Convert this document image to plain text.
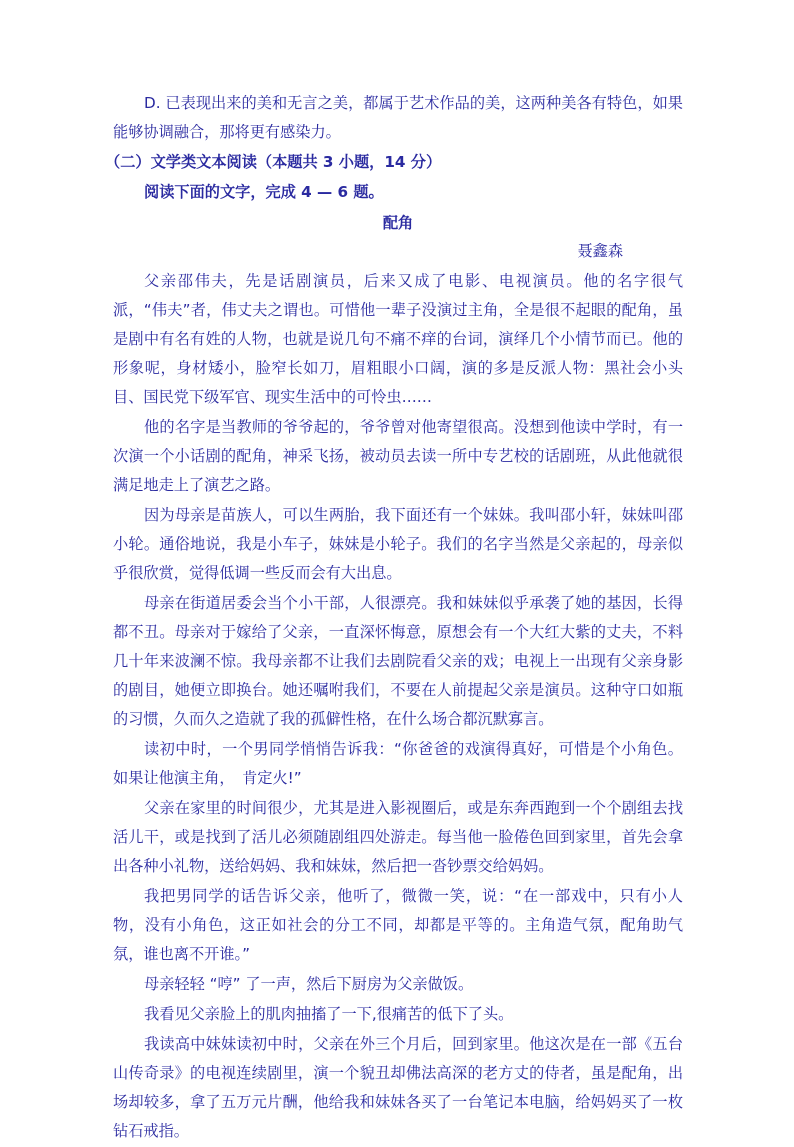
D. 已表现出来的美和无言之美，都属于艺术作品的美，这两种美各有特色，如果能够协调融合，那将更有感染力。

（二）文学类文本阅读（本题共 3 小题，14 分）

阅读下面的文字，完成 4 — 6 题。

配角

聂鑫森

父亲邵伟夫，先是话剧演员，后来又成了电影、电视演员。他的名字很气派，“伟夫”者，伟丈夫之谓也。可惜他一辈子没演过主角，全是很不起眼的配角，虽是剧中有名有姓的人物，也就是说几句不痛不痒的台词，演绎几个小情节而已。他的形象呢，身材矮小，脸窄长如刀，眉粗眼小口阔，演的多是反派人物：黑社会小头目、国民党下级军官、现实生活中的可怜虫……

他的名字是当教师的爷爷起的，爷爷曾对他寄望很高。没想到他读中学时，有一次演一个小话剧的配角，神采飞扬，被动员去读一所中专艺校的话剧班，从此他就很满足地走上了演艺之路。

因为母亲是苗族人，可以生两胎，我下面还有一个妹妹。我叫邵小轩，妹妹叫邵小轮。通俗地说，我是小车子，妹妹是小轮子。我们的名字当然是父亲起的，母亲似乎很欣赏，觉得低调一些反而会有大出息。

母亲在街道居委会当个小干部，人很漂亮。我和妹妹似乎承袭了她的基因，长得都不丑。母亲对于嫁给了父亲，一直深怀悔意，原想会有一个大红大紫的丈夫，不料几十年来波澜不惊。我母亲都不让我们去剧院看父亲的戏；电视上一出现有父亲身影的剧目，她便立即换台。她还嘱咐我们，不要在人前提起父亲是演员。这种守口如瓶的习惯，久而久之造就了我的孤僻性格，在什么场合都沉默寡言。

读初中时，一个男同学悄悄告诉我：“你爸爸的戏演得真好，可惜是个小角色。如果让他演主角，　肯定火!”

父亲在家里的时间很少，尤其是进入影视圈后，或是东奔西跑到一个个剧组去找活儿干，或是找到了活儿必须随剧组四处游走。每当他一脸倦色回到家里，首先会拿出各种小礼物，送给妈妈、我和妹妹，然后把一沓钞票交给妈妈。

我把男同学的话告诉父亲，他听了，微微一笑，说：“在一部戏中，只有小人物，没有小角色，这正如社会的分工不同，却都是平等的。主角造气氛，配角助气氛，谁也离不开谁。”

母亲轻轻 “哼” 了一声，然后下厨房为父亲做饭。

我看见父亲脸上的肌肉抽搐了一下,很痛苦的低下了头。

我读高中妹妹读初中时，父亲在外三个月后，回到家里。他这次是在一部《五台山传奇录》的电视连续剧里，演一个貌丑却佛法高深的老方丈的侍者，虽是配角，出场却较多，拿了五万元片酬，他给我和妹妹各买了一台笔记本电脑，给妈妈买了一枚钻石戒指。
